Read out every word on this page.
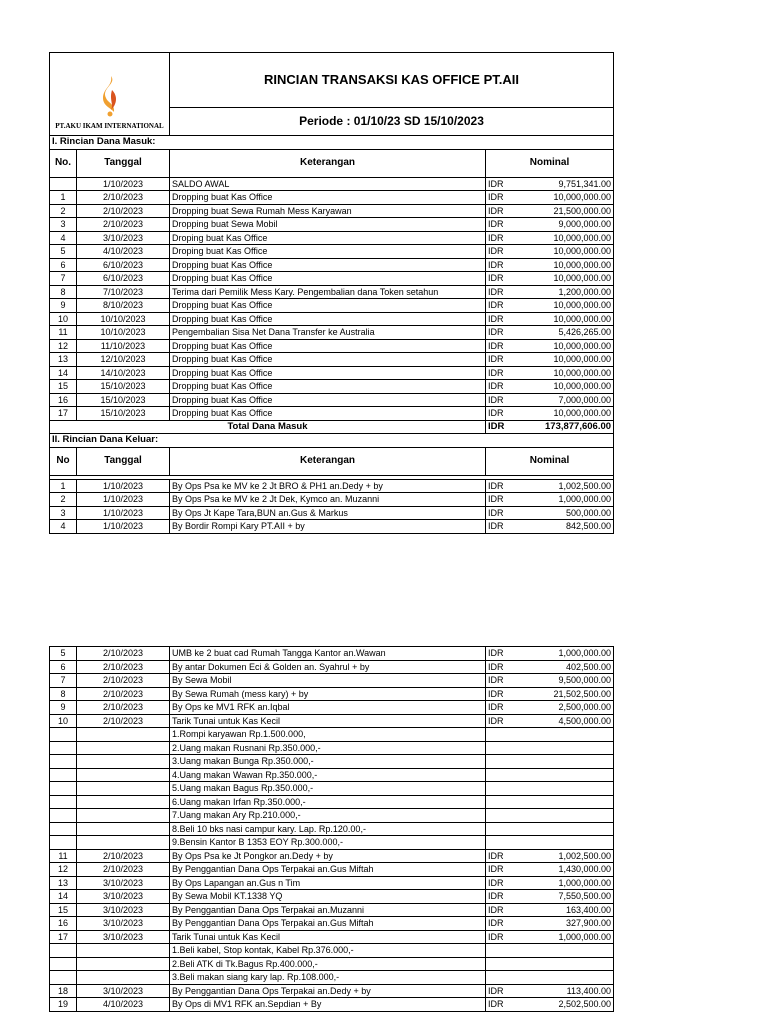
PT.AKU IKAM INTERNATIONAL
	RINCIAN TRANSAKSI KAS OFFICE PT.AII
Periode : 01/10/23 SD 15/10/2023
I. Rincian Dana Masuk:				
No.	Tanggal	Keterangan	Nominal	
	1/10/2023	SALDO AWAL	IDR	9,751,341.00
1	2/10/2023	Dropping buat Kas Office	IDR	10,000,000.00
2	2/10/2023	Dropping buat Sewa Rumah Mess Karyawan	IDR	21,500,000.00
3	2/10/2023	Dropping buat Sewa Mobil	IDR	9,000,000.00
4	3/10/2023	Droping buat Kas Office	IDR	10,000,000.00
5	4/10/2023	Droping buat Kas Office	IDR	10,000,000.00
6	6/10/2023	Dropping buat Kas Office	IDR	10,000,000.00
7	6/10/2023	Dropping buat Kas Office	IDR	10,000,000.00
8	7/10/2023	Terima dari Pemilik Mess Kary. Pengembalian dana Token setahun	IDR	1,200,000.00
9	8/10/2023	Dropping buat Kas Office	IDR	10,000,000.00
10	10/10/2023	Dropping buat Kas Office	IDR	10,000,000.00
11	10/10/2023	Pengembalian Sisa Net Dana Transfer ke Australia	IDR	5,426,265.00
12	11/10/2023	Dropping buat Kas Office	IDR	10,000,000.00
13	12/10/2023	Dropping buat Kas Office	IDR	10,000,000.00
14	14/10/2023	Dropping buat Kas Office	IDR	10,000,000.00
15	15/10/2023	Dropping buat Kas Office	IDR	10,000,000.00
16	15/10/2023	Dropping buat Kas Office	IDR	7,000,000.00
17	15/10/2023	Dropping buat Kas Office	IDR	10,000,000.00
Total Dana Masuk			IDR	173,877,606.00
II. Rincian Dana Keluar:				
No	Tanggal	Keterangan	Nominal	

1	1/10/2023	By Ops Psa ke MV ke 2 Jt BRO & PH1 an.Dedy + by	IDR	1,002,500.00
2	1/10/2023	By Ops Psa ke MV ke 2 Jt Dek, Kymco an. Muzanni	IDR	1,000,000.00
3	1/10/2023	By Ops Jt Kape Tara,BUN an.Gus & Markus	IDR	500,000.00
4	1/10/2023	By Bordir Rompi Kary PT.AII + by	IDR	842,500.00
5	2/10/2023	UMB ke 2 buat cad Rumah Tangga Kantor an.Wawan	IDR	1,000,000.00
6	2/10/2023	By antar Dokumen Eci & Golden an. Syahrul + by	IDR	402,500.00
7	2/10/2023	By Sewa Mobil	IDR	9,500,000.00
8	2/10/2023	By Sewa Rumah (mess kary) + by	IDR	21,502,500.00
9	2/10/2023	By Ops ke MV1 RFK an.Iqbal	IDR	2,500,000.00
10	2/10/2023	Tarik Tunai untuk Kas Kecil	IDR	4,500,000.00
		1.Rompi karyawan Rp.1.500.000,		
		2.Uang makan Rusnani Rp.350.000,-		
		3.Uang makan Bunga Rp.350.000,-		
		4.Uang makan Wawan Rp.350.000,-		
		5.Uang makan Bagus Rp.350.000,-		
		6.Uang makan Irfan Rp.350.000,-		
		7.Uang makan Ary Rp.210.000,-		
		8.Beli 10 bks nasi campur kary. Lap. Rp.120.00,-		
		9.Bensin Kantor B 1353 EOY Rp.300.000,-		
11	2/10/2023	By Ops Psa ke Jt Pongkor an.Dedy + by	IDR	1,002,500.00
12	2/10/2023	By Penggantian Dana Ops Terpakai an.Gus Miftah	IDR	1,430,000.00
13	3/10/2023	By Ops Lapangan an.Gus n Tim	IDR	1,000,000.00
14	3/10/2023	By Sewa Mobil KT.1338 YQ	IDR	7,550,500.00
15	3/10/2023	By Penggantian Dana Ops Terpakai an.Muzanni	IDR	163,400.00
16	3/10/2023	By Penggantian Dana Ops Terpakai an.Gus Miftah	IDR	327,900.00
17	3/10/2023	Tarik Tunai untuk Kas Kecil	IDR	1,000,000.00
		1.Beli kabel, Stop kontak, Kabel Rp.376.000,-		
		2.Beli ATK di Tk.Bagus Rp.400.000,-		
		3.Beli makan siang kary lap. Rp.108.000,-		
18	3/10/2023	By Penggantian Dana Ops Terpakai an.Dedy + by	IDR	113,400.00
19	4/10/2023	By Ops di MV1 RFK an.Sepdian + By	IDR	2,502,500.00
